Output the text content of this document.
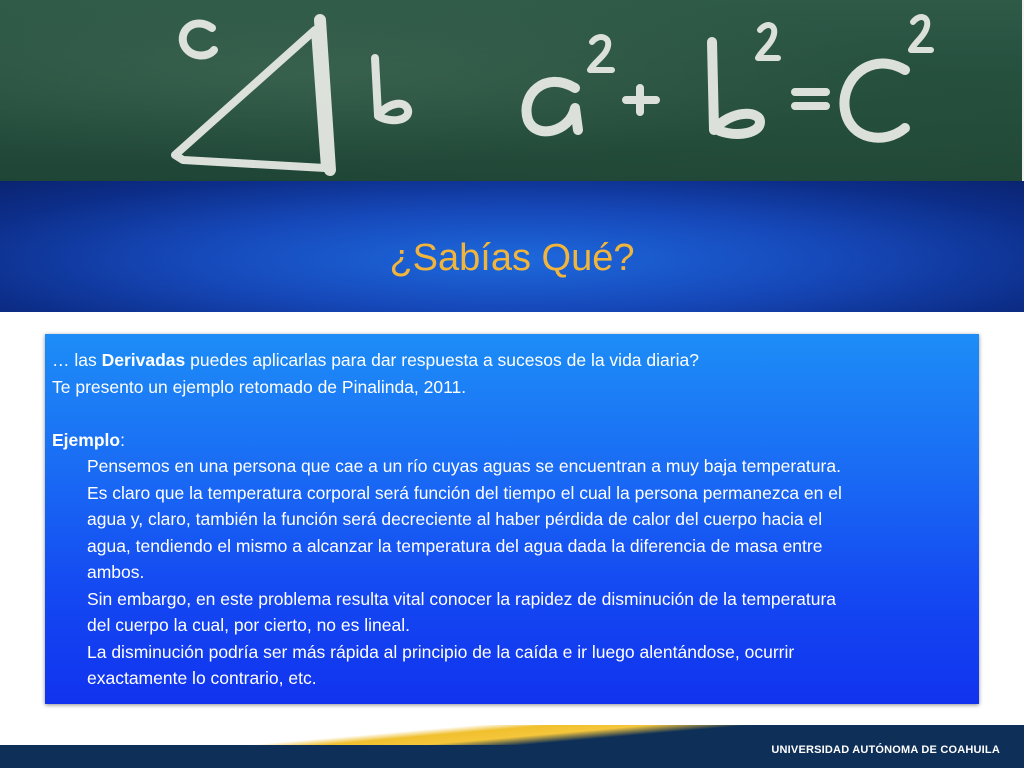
¿Sabías Qué?

… las Derivadas puedes aplicarlas para dar respuesta a sucesos de la vida diaria?

Te presento un ejemplo retomado de Pinalinda, 2011.

Ejemplo:

Pensemos en una persona que cae a un río cuyas aguas se encuentran a muy baja temperatura.

Es claro que la temperatura corporal será función del tiempo el cual la persona permanezca en el

agua y, claro, también la función será decreciente al haber pérdida de calor del cuerpo hacia el

agua, tendiendo el mismo a alcanzar la temperatura del agua dada la diferencia de masa entre

ambos.

Sin embargo, en este problema resulta vital conocer la rapidez de disminución de la temperatura

del cuerpo la cual, por cierto, no es lineal.

La disminución podría ser más rápida al principio de la caída e ir luego alentándose, ocurrir

exactamente lo contrario, etc.

UNIVERSIDAD AUTÓNOMA DE COAHUILA
